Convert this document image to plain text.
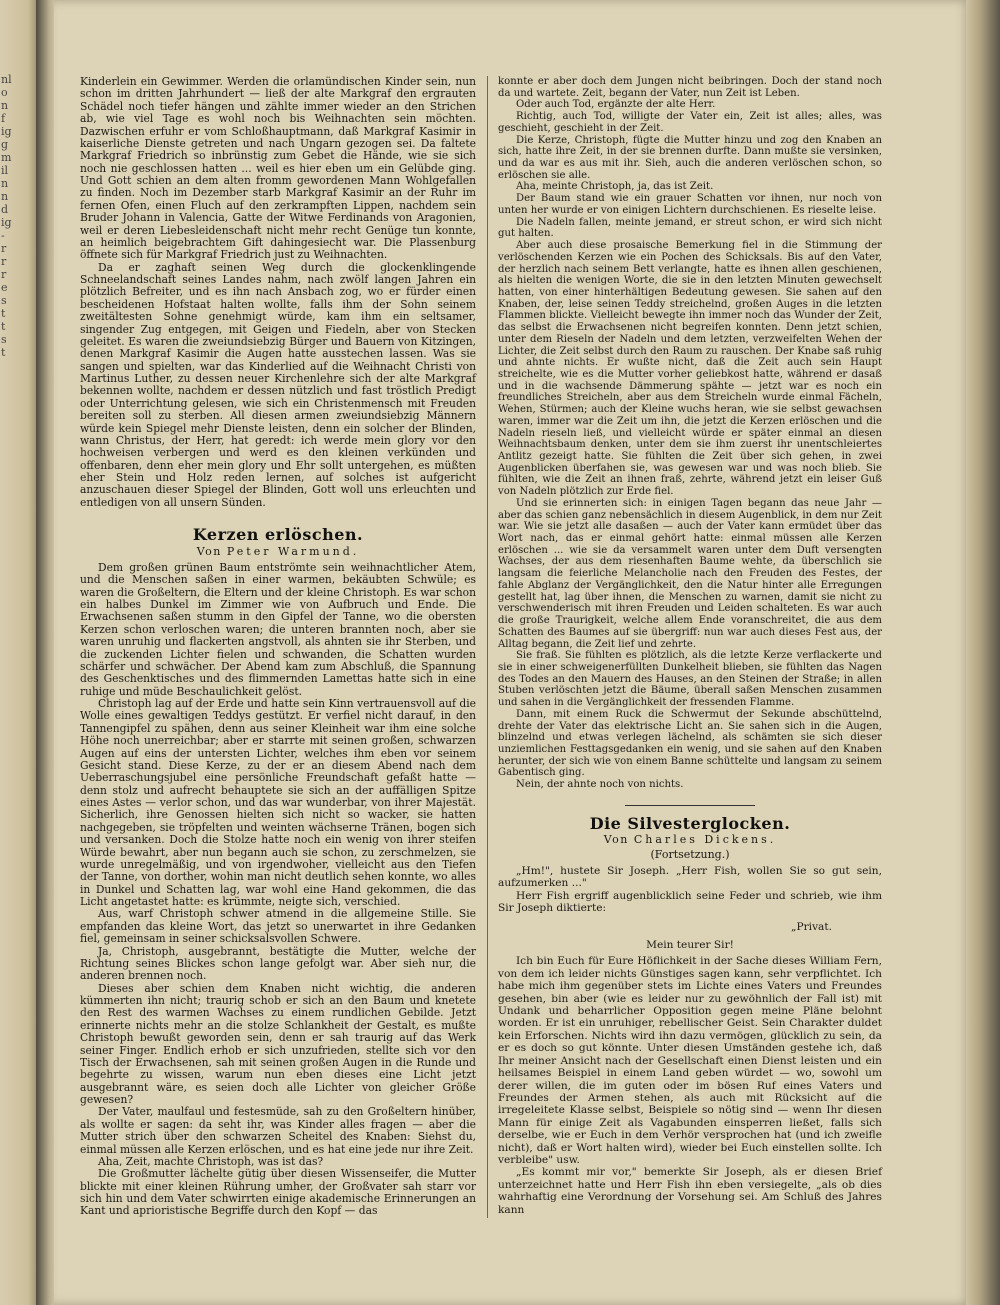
nl
o
n
f
ig
g
m
il
n
n
d
ig
-
r
r
r
e
s
t
t
s
t

Kinderlein ein Gewimmer. Werden die orlamündischen Kinder sein, nun schon im dritten Jahrhundert — ließ der alte Markgraf den ergrauten Schädel noch tiefer hängen und zählte immer wieder an den Strichen ab, wie viel Tage es wohl noch bis Weihnachten sein möchten. Dazwischen erfuhr er vom Schloßhauptmann, daß Markgraf Kasimir in kaiserliche Dienste getreten und nach Ungarn gezogen sei. Da faltete Markgraf Friedrich so inbrünstig zum Gebet die Hände, wie sie sich noch nie geschlossen hatten ... weil es hier eben um ein Gelübde ging. Und Gott schien an dem alten fromm gewordenen Mann Wohlgefallen zu finden. Noch im Dezember starb Markgraf Kasimir an der Ruhr im fernen Ofen, einen Fluch auf den zerkrampften Lippen, nachdem sein Bruder Johann in Valencia, Gatte der Witwe Ferdinands von Aragonien, weil er deren Liebesleidenschaft nicht mehr recht Genüge tun konnte, an heimlich beigebrachtem Gift dahingesiecht war. Die Plassenburg öffnete sich für Markgraf Friedrich just zu Weihnachten.

Da er zaghaft seinen Weg durch die glockenklingende Schneelandschaft seines Landes nahm, nach zwölf langen Jahren ein plötzlich Befreiter, und es ihn nach Ansbach zog, wo er fürder einen bescheidenen Hofstaat halten wollte, falls ihm der Sohn seinem zweitältesten Sohne genehmigt würde, kam ihm ein seltsamer, singender Zug entgegen, mit Geigen und Fiedeln, aber von Stecken geleitet. Es waren die zweiundsiebzig Bürger und Bauern von Kitzingen, denen Markgraf Kasimir die Augen hatte ausstechen lassen. Was sie sangen und spielten, war das Kinderlied auf die Weihnacht Christi von Martinus Luther, zu dessen neuer Kirchenlehre sich der alte Markgraf bekennen wollte, nachdem er dessen nützlich und fast tröstlich Predigt oder Unterrichtung gelesen, wie sich ein Christenmensch mit Freuden bereiten soll zu sterben. All diesen armen zweiundsiebzig Männern würde kein Spiegel mehr Dienste leisten, denn ein solcher der Blinden, wann Christus, der Herr, hat geredt: ich werde mein glory vor den hochweisen verbergen und werd es den kleinen verkünden und offenbaren, denn eher mein glory und Ehr sollt untergehen, es müßten eher Stein und Holz reden lernen, auf solches ist aufgericht anzuschauen dieser Spiegel der Blinden, Gott woll uns erleuchten und entledigen von all unsern Sünden.

Kerzen erlöschen.
Von Peter Warmund.

Dem großen grünen Baum entströmte sein weihnachtlicher Atem, und die Menschen saßen in einer warmen, bekäubten Schwüle; es waren die Großeltern, die Eltern und der kleine Christoph. Es war schon ein halbes Dunkel im Zimmer wie von Aufbruch und Ende. Die Erwachsenen saßen stumm in den Gipfel der Tanne, wo die obersten Kerzen schon verloschen waren; die unteren brannten noch, aber sie waren unruhig und flackerten angstvoll, als ahnten sie ihr Sterben, und die zuckenden Lichter fielen und schwanden, die Schatten wurden schärfer und schwächer. Der Abend kam zum Abschluß, die Spannung des Geschenktisches und des flimmernden Lamettas hatte sich in eine ruhige und müde Beschaulichkeit gelöst.

Christoph lag auf der Erde und hatte sein Kinn vertrauensvoll auf die Wolle eines gewaltigen Teddys gestützt. Er verfiel nicht darauf, in den Tannengipfel zu spähen, denn aus seiner Kleinheit war ihm eine solche Höhe noch unerreichbar; aber er starrte mit seinen großen, schwarzen Augen auf eins der untersten Lichter, welches ihm eben vor seinem Gesicht stand. Diese Kerze, zu der er an diesem Abend nach dem Ueberraschungsjubel eine persönliche Freundschaft gefaßt hatte — denn stolz und aufrecht behauptete sie sich an der auffälligen Spitze eines Astes — verlor schon, und das war wunderbar, von ihrer Majestät. Sicherlich, ihre Genossen hielten sich nicht so wacker, sie hatten nachgegeben, sie tröpfelten und weinten wächserne Tränen, bogen sich und versanken. Doch die Stolze hatte noch ein wenig von ihrer steifen Würde bewahrt, aber nun begann auch sie schon, zu zerschmelzen, sie wurde unregelmäßig, und von irgendwoher, vielleicht aus den Tiefen der Tanne, von dorther, wohin man nicht deutlich sehen konnte, wo alles in Dunkel und Schatten lag, war wohl eine Hand gekommen, die das Licht angetastet hatte: es krümmte, neigte sich, verschied.

Aus, warf Christoph schwer atmend in die allgemeine Stille. Sie empfanden das kleine Wort, das jetzt so unerwartet in ihre Gedanken fiel, gemeinsam in seiner schicksalsvollen Schwere.

Ja, Christoph, ausgebrannt, bestätigte die Mutter, welche der Richtung seines Blickes schon lange gefolgt war. Aber sieh nur, die anderen brennen noch.

Dieses aber schien dem Knaben nicht wichtig, die anderen kümmerten ihn nicht; traurig schob er sich an den Baum und knetete den Rest des warmen Wachses zu einem rundlichen Gebilde. Jetzt erinnerte nichts mehr an die stolze Schlankheit der Gestalt, es mußte Christoph bewußt geworden sein, denn er sah traurig auf das Werk seiner Finger. Endlich erhob er sich unzufrieden, stellte sich vor den Tisch der Erwachsenen, sah mit seinen großen Augen in die Runde und begehrte zu wissen, warum nun eben dieses eine Licht jetzt ausgebrannt wäre, es seien doch alle Lichter von gleicher Größe gewesen?

Der Vater, maulfaul und festesmüde, sah zu den Großeltern hinüber, als wollte er sagen: da seht ihr, was Kinder alles fragen — aber die Mutter strich über den schwarzen Scheitel des Knaben: Siehst du, einmal müssen alle Kerzen erlöschen, und es hat eine jede nur ihre Zeit.

Aha, Zeit, machte Christoph, was ist das?

Die Großmutter lächelte gütig über diesen Wissenseifer, die Mutter blickte mit einer kleinen Rührung umher, der Großvater sah starr vor sich hin und dem Vater schwirrten einige akademische Erinnerungen an Kant und aprioristische Begriffe durch den Kopf — das

konnte er aber doch dem Jungen nicht beibringen. Doch der stand noch da und wartete. Zeit, begann der Vater, nun Zeit ist Leben.

Oder auch Tod, ergänzte der alte Herr.

Richtig, auch Tod, willigte der Vater ein, Zeit ist alles; alles, was geschieht, geschieht in der Zeit.

Die Kerze, Christoph, fügte die Mutter hinzu und zog den Knaben an sich, hatte ihre Zeit, in der sie brennen durfte. Dann mußte sie versinken, und da war es aus mit ihr. Sieh, auch die anderen verlöschen schon, so erlöschen sie alle.

Aha, meinte Christoph, ja, das ist Zeit.

Der Baum stand wie ein grauer Schatten vor ihnen, nur noch von unten her wurde er von einigen Lichtern durchschienen. Es rieselte leise.

Die Nadeln fallen, meinte jemand, er streut schon, er wird sich nicht gut halten.

Aber auch diese prosaische Bemerkung fiel in die Stimmung der verlöschenden Kerzen wie ein Pochen des Schicksals. Bis auf den Vater, der herzlich nach seinem Bett verlangte, hatte es ihnen allen geschienen, als hielten die wenigen Worte, die sie in den letzten Minuten gewechselt hatten, von einer hinterhältigen Bedeutung gewesen. Sie sahen auf den Knaben, der, leise seinen Teddy streichelnd, großen Auges in die letzten Flammen blickte. Vielleicht bewegte ihn immer noch das Wunder der Zeit, das selbst die Erwachsenen nicht begreifen konnten. Denn jetzt schien, unter dem Rieseln der Nadeln und dem letzten, verzweifelten Wehen der Lichter, die Zeit selbst durch den Raum zu rauschen. Der Knabe saß ruhig und ahnte nichts. Er wußte nicht, daß die Zeit auch sein Haupt streichelte, wie es die Mutter vorher geliebkost hatte, während er dasaß und in die wachsende Dämmerung spähte — jetzt war es noch ein freundliches Streicheln, aber aus dem Streicheln wurde einmal Fächeln, Wehen, Stürmen; auch der Kleine wuchs heran, wie sie selbst gewachsen waren, immer war die Zeit um ihn, die jetzt die Kerzen erlöschen und die Nadeln rieseln ließ, und vielleicht würde er später einmal an diesen Weihnachtsbaum denken, unter dem sie ihm zuerst ihr unentschleiertes Antlitz gezeigt hatte. Sie fühlten die Zeit über sich gehen, in zwei Augenblicken überfahen sie, was gewesen war und was noch blieb. Sie fühlten, wie die Zeit an ihnen fraß, zehrte, während jetzt ein leiser Guß von Nadeln plötzlich zur Erde fiel.

Und sie erinnerten sich: in einigen Tagen begann das neue Jahr — aber das schien ganz nebensächlich in diesem Augenblick, in dem nur Zeit war. Wie sie jetzt alle dasaßen — auch der Vater kann ermüdet über das Wort nach, das er einmal gehört hatte: einmal müssen alle Kerzen erlöschen ... wie sie da versammelt waren unter dem Duft versengten Wachses, der aus dem riesenhaften Baume wehte, da überschlich sie langsam die feierliche Melancholie nach den Freuden des Festes, der fahle Abglanz der Vergänglichkeit, den die Natur hinter alle Erregungen gestellt hat, lag über ihnen, die Menschen zu warnen, damit sie nicht zu verschwenderisch mit ihren Freuden und Leiden schalteten. Es war auch die große Traurigkeit, welche allem Ende voranschreitet, die aus dem Schatten des Baumes auf sie übergriff: nun war auch dieses Fest aus, der Alltag begann, die Zeit lief und zehrte.

Sie fraß. Sie fühlten es plötzlich, als die letzte Kerze verflackerte und sie in einer schweigenerfüllten Dunkelheit blieben, sie fühlten das Nagen des Todes an den Mauern des Hauses, an den Steinen der Straße; in allen Stuben verlöschten jetzt die Bäume, überall saßen Menschen zusammen und sahen in die Vergänglichkeit der fressenden Flamme.

Dann, mit einem Ruck die Schwermut der Sekunde abschüttelnd, drehte der Vater das elektrische Licht an. Sie sahen sich in die Augen, blinzelnd und etwas verlegen lächelnd, als schämten sie sich dieser unziemlichen Festtagsgedanken ein wenig, und sie sahen auf den Knaben herunter, der sich wie von einem Banne schüttelte und langsam zu seinem Gabentisch ging.

Nein, der ahnte noch von nichts.

Die Silvesterglocken.
Von Charles Dickens.
(Fortsetzung.)

„Hm!", hustete Sir Joseph. „Herr Fish, wollen Sie so gut sein, aufzumerken ..."

Herr Fish ergriff augenblicklich seine Feder und schrieb, wie ihm Sir Joseph diktierte:

„Privat.
Mein teurer Sir!

Ich bin Euch für Eure Höflichkeit in der Sache dieses William Fern, von dem ich leider nichts Günstiges sagen kann, sehr verpflichtet. Ich habe mich ihm gegenüber stets im Lichte eines Vaters und Freundes gesehen, bin aber (wie es leider nur zu gewöhnlich der Fall ist) mit Undank und beharrlicher Opposition gegen meine Pläne belohnt worden. Er ist ein unruhiger, rebellischer Geist. Sein Charakter duldet kein Erforschen. Nichts wird ihn dazu vermögen, glücklich zu sein, da er es doch so gut könnte. Unter diesen Umständen gestehe ich, daß Ihr meiner Ansicht nach der Gesellschaft einen Dienst leisten und ein heilsames Beispiel in einem Land geben würdet — wo, sowohl um derer willen, die im guten oder im bösen Ruf eines Vaters und Freundes der Armen stehen, als auch mit Rücksicht auf die irregeleitete Klasse selbst, Beispiele so nötig sind — wenn Ihr diesen Mann für einige Zeit als Vagabunden einsperren ließet, falls sich derselbe, wie er Euch in dem Verhör versprochen hat (und ich zweifle nicht), daß er Wort halten wird), wieder bei Euch einstellen sollte. Ich verbleibe" usw.

„Es kommt mir vor," bemerkte Sir Joseph, als er diesen Brief unterzeichnet hatte und Herr Fish ihn eben versiegelte, „als ob dies wahrhaftig eine Verordnung der Vorsehung sei. Am Schluß des Jahres kann
